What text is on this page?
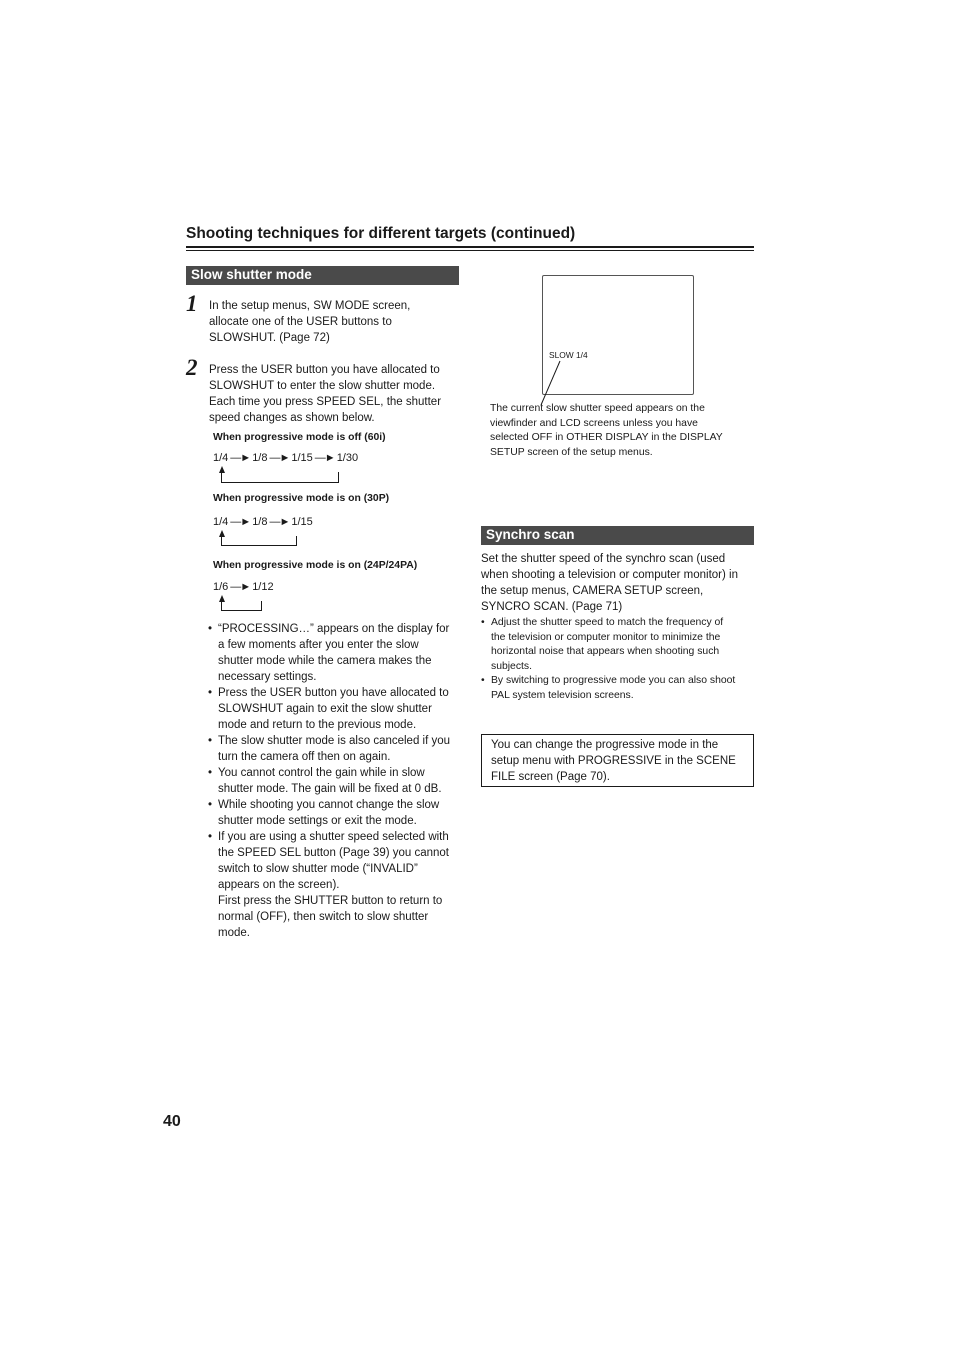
Shooting techniques for different targets (continued)
Slow shutter mode
1 In the setup menus, SW MODE screen,
allocate one of the USER buttons to
SLOWSHUT. (Page 72)
2 Press the USER button you have allocated to
SLOWSHUT to enter the slow shutter mode.
Each time you press SPEED SEL, the shutter
speed changes as shown below.
When progressive mode is off (60i)
1/4 —► 1/8 —► 1/15 —► 1/30
When progressive mode is on (30P)
1/4 —► 1/8 —► 1/15
When progressive mode is on (24P/24PA)
1/6 —► 1/12
• “PROCESSING…” appears on the display for
a few moments after you enter the slow
shutter mode while the camera makes the
necessary settings.
• Press the USER button you have allocated to
SLOWSHUT again to exit the slow shutter
mode and return to the previous mode.
• The slow shutter mode is also canceled if you
turn the camera off then on again.
• You cannot control the gain while in slow
shutter mode. The gain will be fixed at 0 dB.
• While shooting you cannot change the slow
shutter mode settings or exit the mode.
• If you are using a shutter speed selected with
the SPEED SEL button (Page 39) you cannot
switch to slow shutter mode (“INVALID”
appears on the screen).
First press the SHUTTER button to return to
normal (OFF), then switch to slow shutter
mode.
SLOW 1/4
The current slow shutter speed appears on the
viewfinder and LCD screens unless you have
selected OFF in OTHER DISPLAY in the DISPLAY
SETUP screen of the setup menus.
Synchro scan
Set the shutter speed of the synchro scan (used
when shooting a television or computer monitor) in
the setup menus, CAMERA SETUP screen,
SYNCRO SCAN. (Page 71)
• Adjust the shutter speed to match the frequency of
the television or computer monitor to minimize the
horizontal noise that appears when shooting such
subjects.
• By switching to progressive mode you can also shoot
PAL system television screens.
You can change the progressive mode in the
setup menu with PROGRESSIVE in the SCENE
FILE screen (Page 70).
40
